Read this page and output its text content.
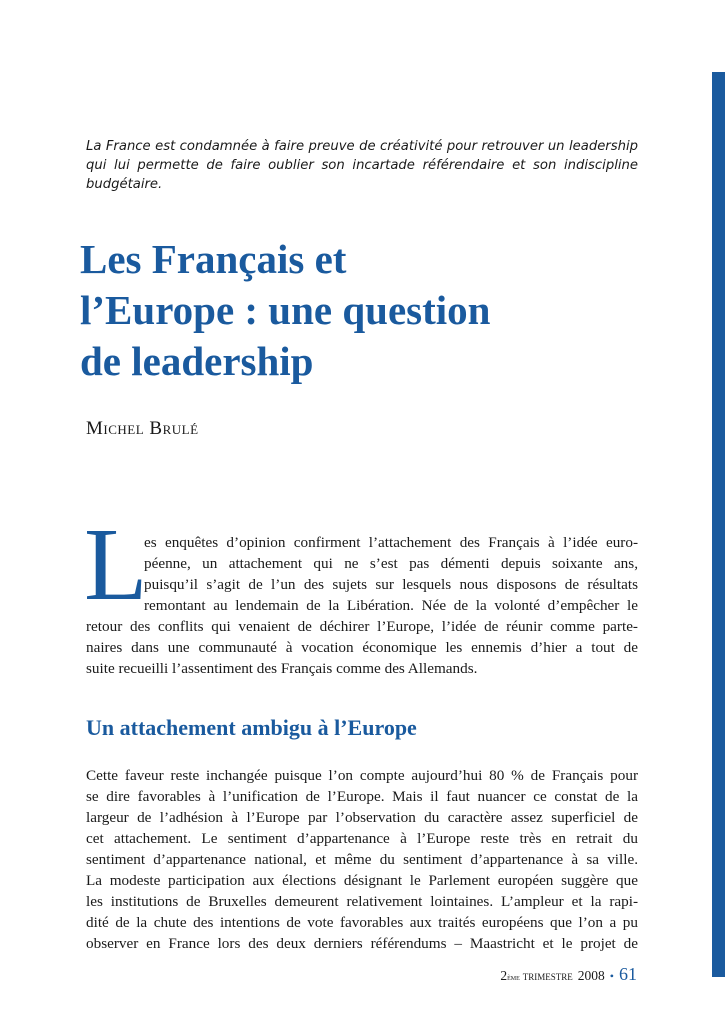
La France est condamnée à faire preuve de créativité pour retrouver un leadership
qui lui permette de faire oublier son incartade référendaire et son indiscipline
budgétaire.
Les Français et
l’Europe : une question
de leadership
Michel Brulé
L
es enquêtes d’opinion confirment l’attachement des Français à l’idée euro-
péenne, un attachement qui ne s’est pas démenti depuis soixante ans,
puisqu’il s’agit de l’un des sujets sur lesquels nous disposons de résultats
remontant au lendemain de la Libération. Née de la volonté d’empêcher le
retour des conflits qui venaient de déchirer l’Europe, l’idée de réunir comme parte-
naires dans une communauté à vocation économique les ennemis d’hier a tout de
suite recueilli l’assentiment des Français comme des Allemands.
Un attachement ambigu à l’Europe
Cette faveur reste inchangée puisque l’on compte aujourd’hui 80 % de Français pour
se dire favorables à l’unification de l’Europe. Mais il faut nuancer ce constat de la
largeur de l’adhésion à l’Europe par l’observation du caractère assez superficiel de
cet attachement. Le sentiment d’appartenance à l’Europe reste très en retrait du
sentiment d’appartenance national, et même du sentiment d’appartenance à sa ville.
La modeste participation aux élections désignant le Parlement européen suggère que
les institutions de Bruxelles demeurent relativement lointaines. L’ampleur et la rapi-
dité de la chute des intentions de vote favorables aux traités européens que l’on a pu
observer en France lors des deux derniers référendums – Maastricht et le projet de
2 ème trimestre 2008 • 61
